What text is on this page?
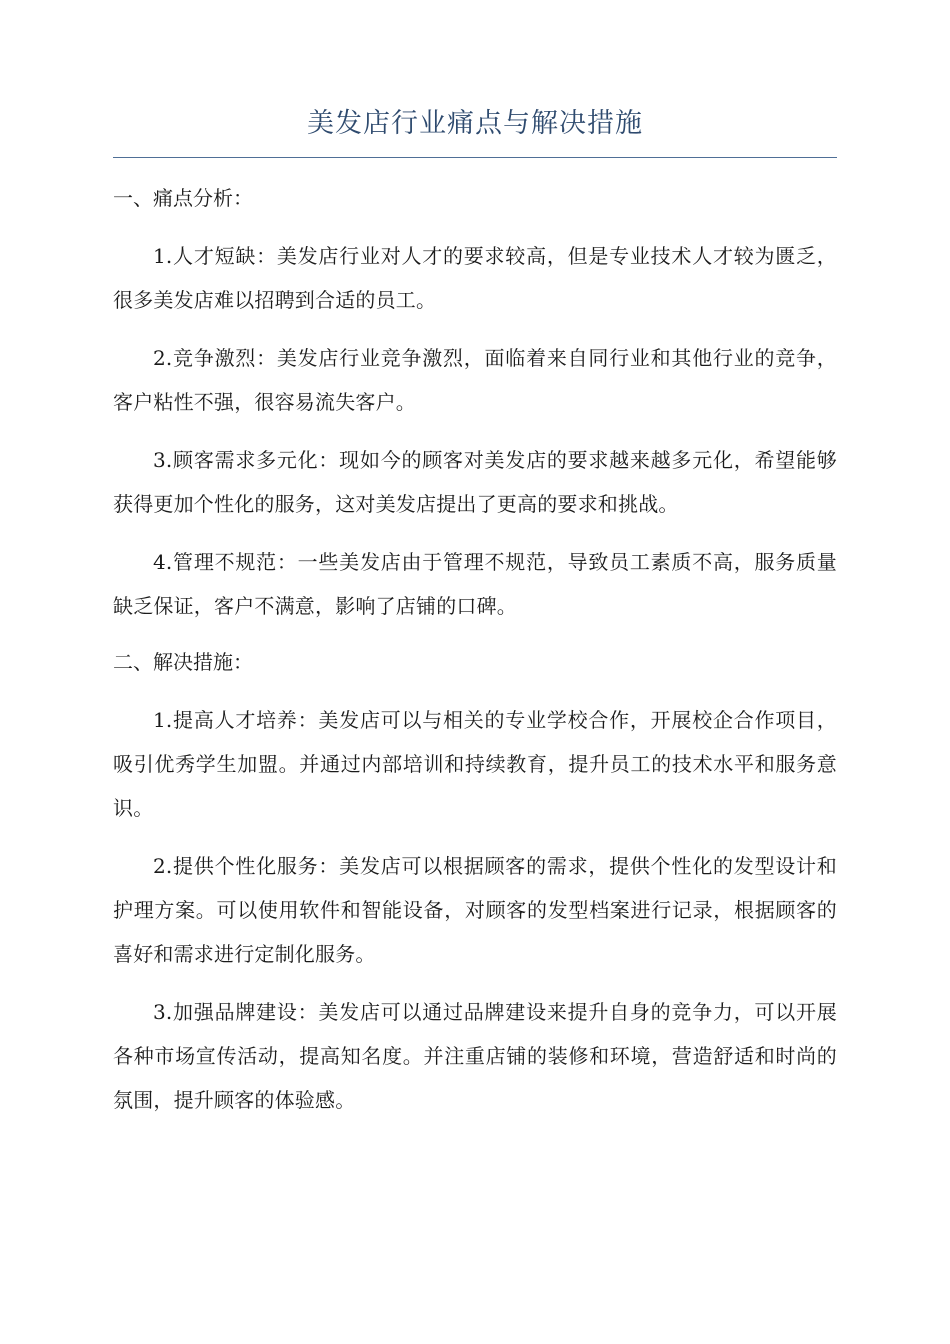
美发店行业痛点与解决措施
一、痛点分析：

1.人才短缺：美发店行业对人才的要求较高，但是专业技术人才较为匮乏，很多美发店难以招聘到合适的员工。

2.竞争激烈：美发店行业竞争激烈，面临着来自同行业和其他行业的竞争，客户粘性不强，很容易流失客户。

3.顾客需求多元化：现如今的顾客对美发店的要求越来越多元化，希望能够获得更加个性化的服务，这对美发店提出了更高的要求和挑战。

4.管理不规范：一些美发店由于管理不规范，导致员工素质不高，服务质量缺乏保证，客户不满意，影响了店铺的口碑。

二、解决措施：

1.提高人才培养：美发店可以与相关的专业学校合作，开展校企合作项目，吸引优秀学生加盟。并通过内部培训和持续教育，提升员工的技术水平和服务意识。

2.提供个性化服务：美发店可以根据顾客的需求，提供个性化的发型设计和护理方案。可以使用软件和智能设备，对顾客的发型档案进行记录，根据顾客的喜好和需求进行定制化服务。

3.加强品牌建设：美发店可以通过品牌建设来提升自身的竞争力，可以开展各种市场宣传活动，提高知名度。并注重店铺的装修和环境，营造舒适和时尚的氛围，提升顾客的体验感。
